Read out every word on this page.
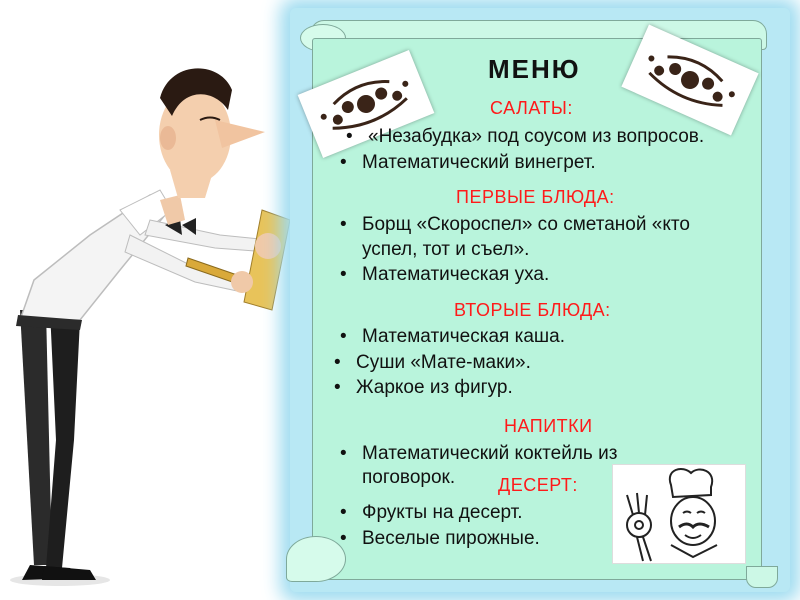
МЕНЮ
САЛАТЫ:
• «Незабудка» под соусом из вопросов.
• Математический винегрет.
ПЕРВЫЕ БЛЮДА:
• Борщ «Скороспел» со сметаной «кто
успел, тот и съел».
• Математическая уха.
ВТОРЫЕ БЛЮДА:
• Математическая каша.
• Суши «Мате-маки».
• Жаркое из фигур.
НАПИТКИ
• Математический коктейль из
поговорок. ДЕСЕРТ:
• Фрукты на десерт.
• Веселые пирожные.
